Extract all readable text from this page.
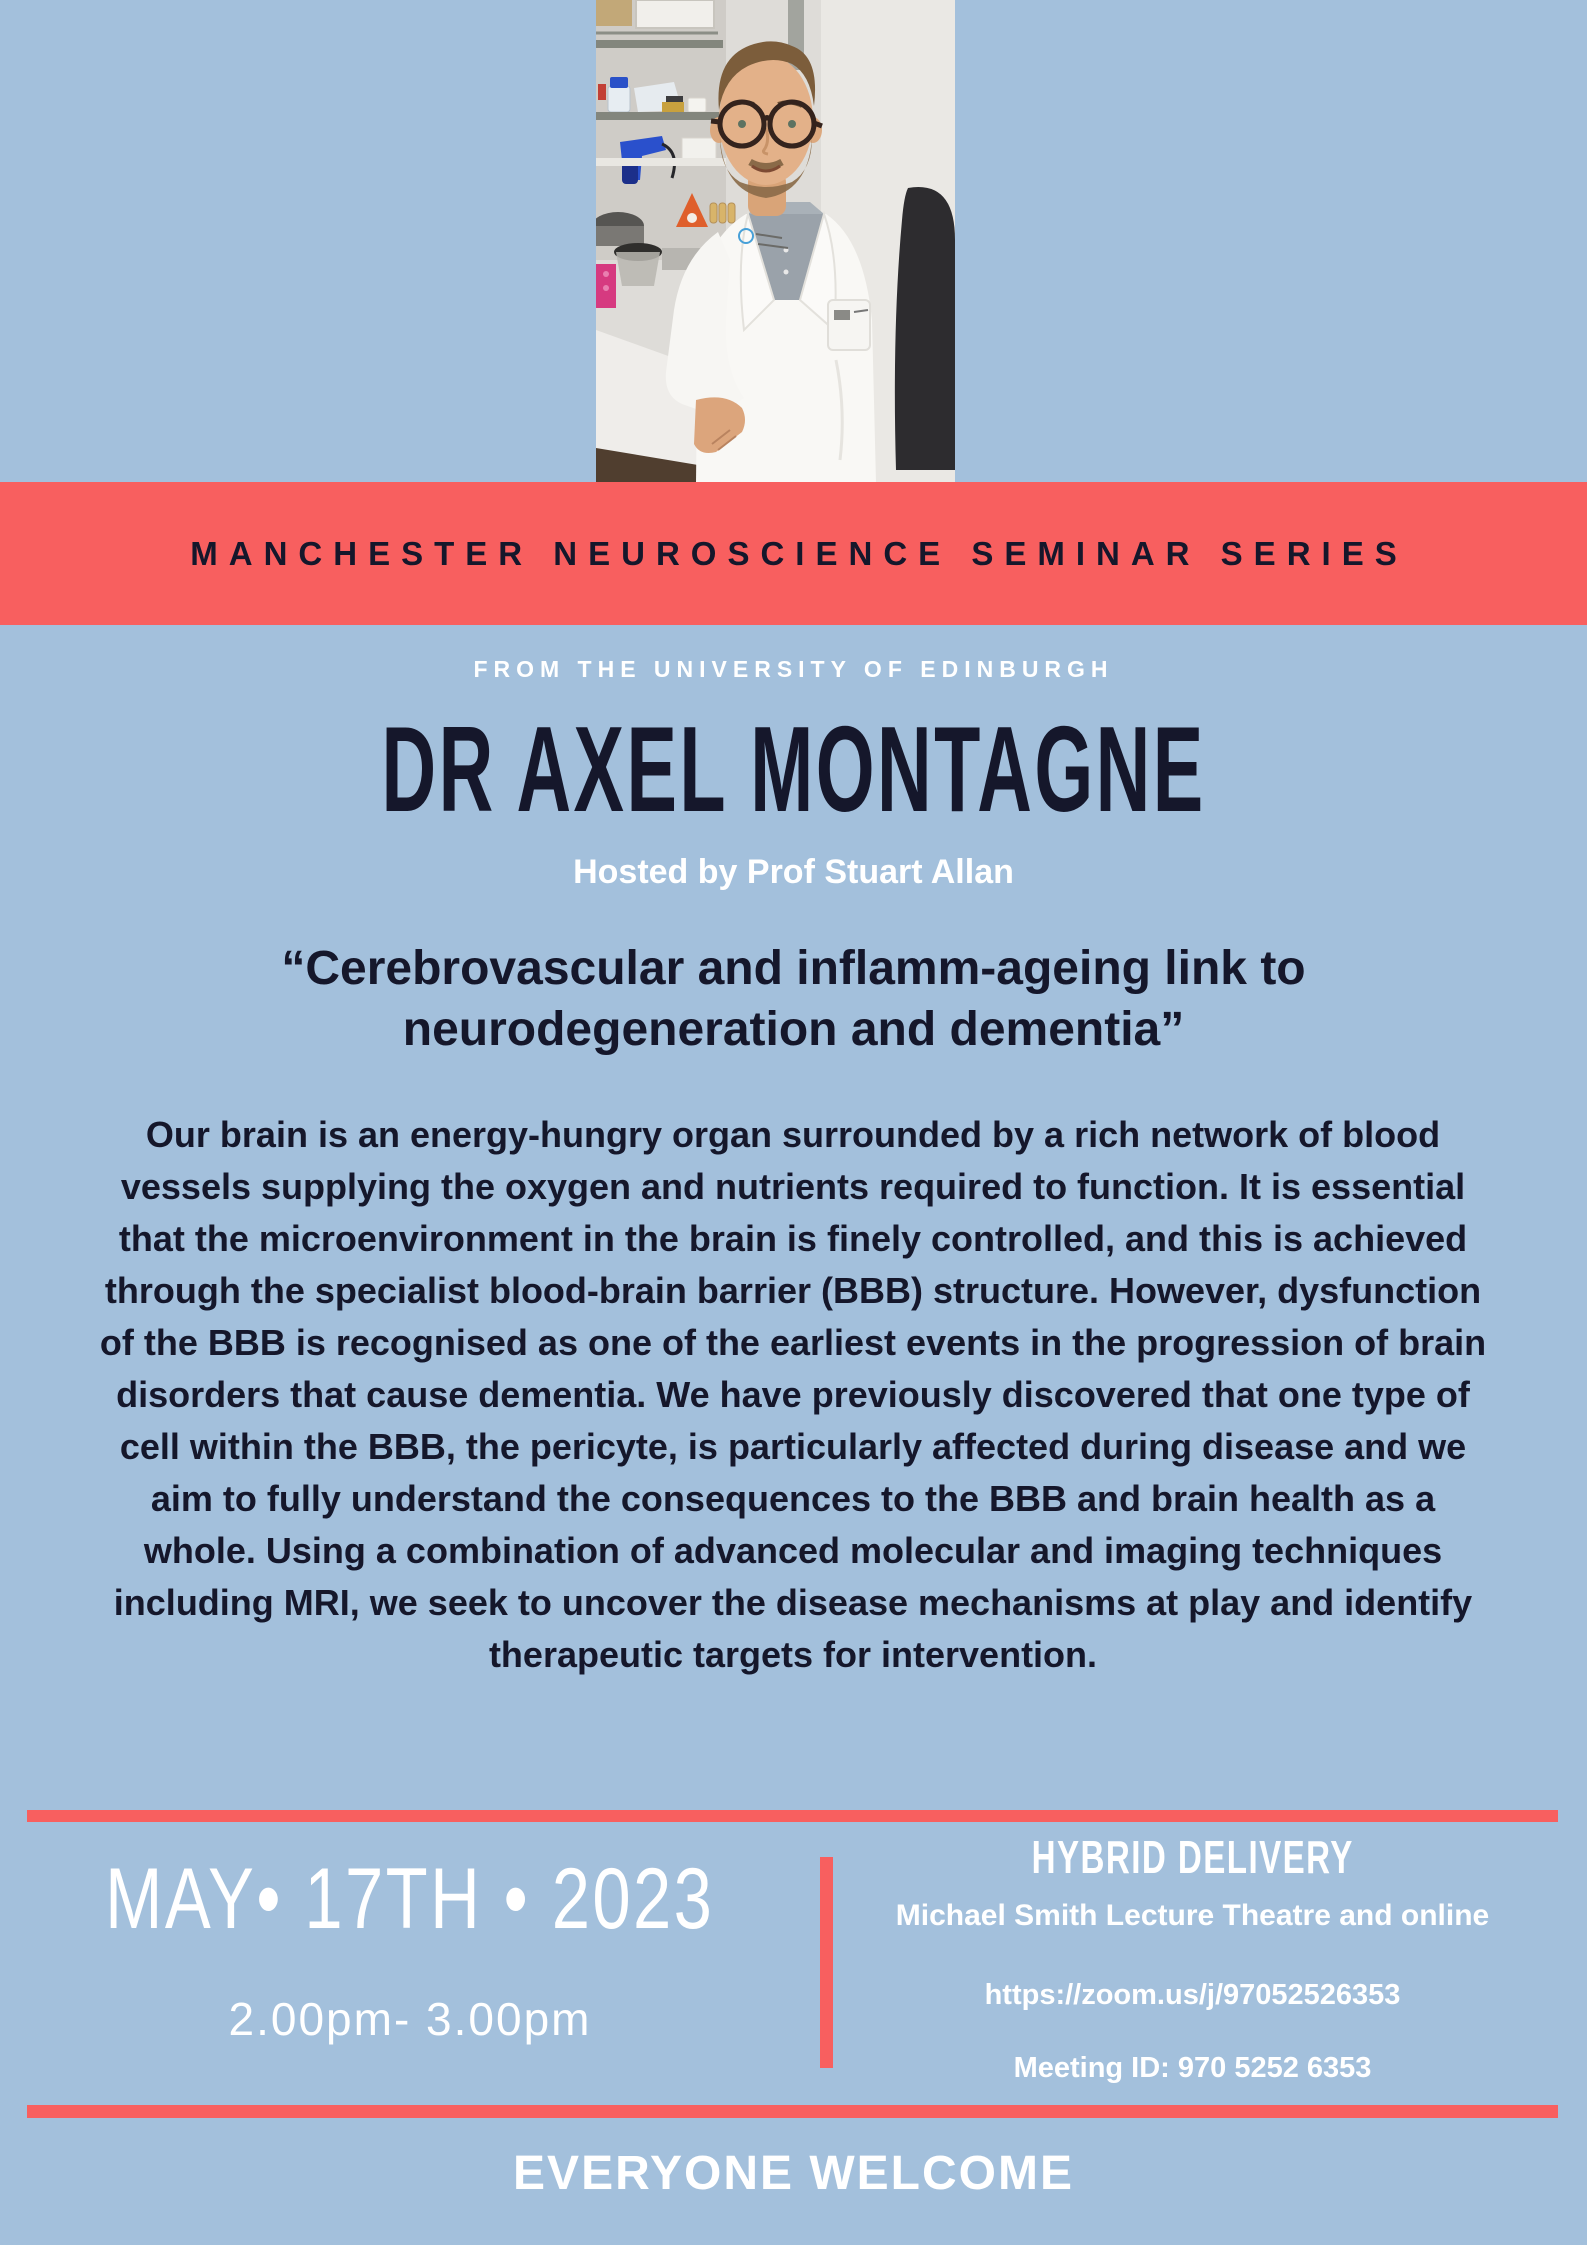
MANCHESTER NEUROSCIENCE SEMINAR SERIES
FROM THE UNIVERSITY OF EDINBURGH
DR AXEL MONTAGNE
Hosted by Prof Stuart Allan
“Cerebrovascular and inflamm-ageing link to
neurodegeneration and dementia”
Our brain is an energy-hungry organ surrounded by a rich network of blood vessels supplying the oxygen and nutrients required to function. It is essential that the microenvironment in the brain is finely controlled, and this is achieved through the specialist blood-brain barrier (BBB) structure. However, dysfunction of the BBB is recognised as one of the earliest events in the progression of brain disorders that cause dementia. We have previously discovered that one type of cell within the BBB, the pericyte, is particularly affected during disease and we aim to fully understand the consequences to the BBB and brain health as a whole. Using a combination of advanced molecular and imaging techniques including MRI, we seek to uncover the disease mechanisms at play and identify therapeutic targets for intervention.
MAY• 17TH • 2023
2.00pm- 3.00pm
HYBRID DELIVERY
Michael Smith Lecture Theatre and online
https://zoom.us/j/97052526353
Meeting ID: 970 5252 6353
EVERYONE WELCOME
